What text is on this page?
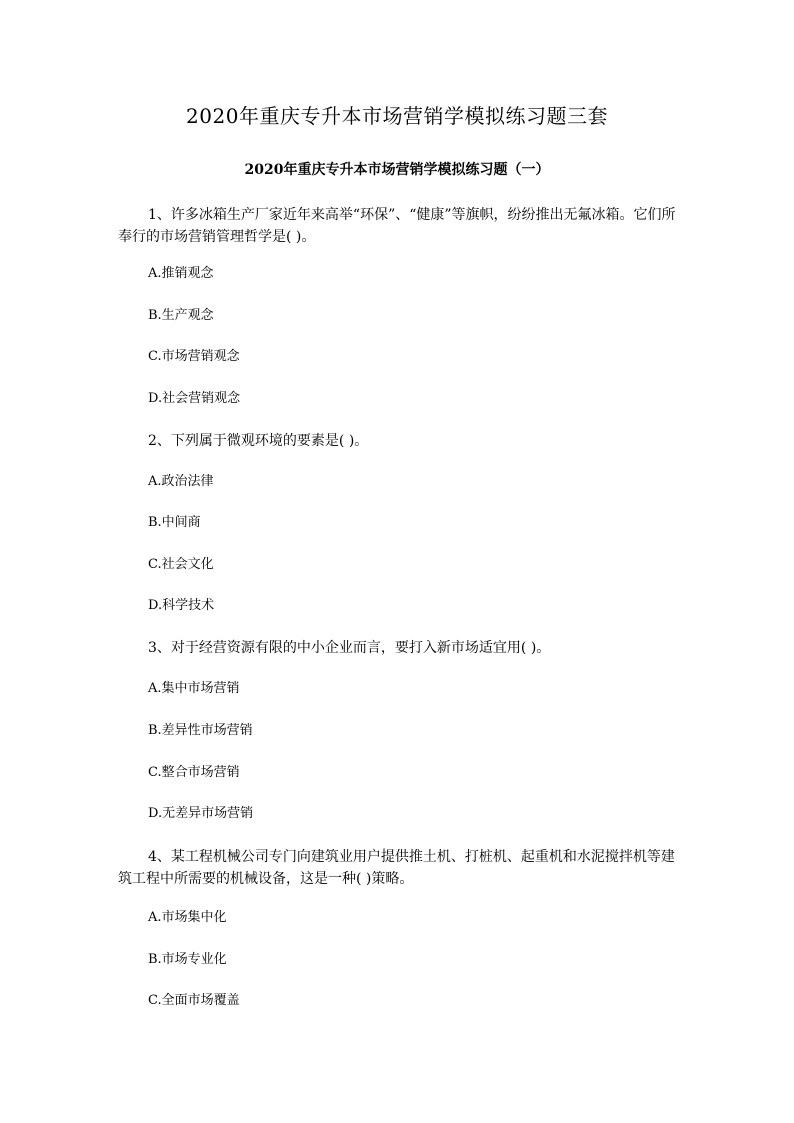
2020年重庆专升本市场营销学模拟练习题三套
2020年重庆专升本市场营销学模拟练习题（一）
1、许多冰箱生产厂家近年来高举“环保”、“健康”等旗帜，纷纷推出无氟冰箱。它们所奉行的市场营销管理哲学是( )。
A.推销观念
B.生产观念
C.市场营销观念
D.社会营销观念
2、下列属于微观环境的要素是( )。
A.政治法律
B.中间商
C.社会文化
D.科学技术
3、对于经营资源有限的中小企业而言，要打入新市场适宜用( )。
A.集中市场营销
B.差异性市场营销
C.整合市场营销
D.无差异市场营销
4、某工程机械公司专门向建筑业用户提供推土机、打桩机、起重机和水泥搅拌机等建筑工程中所需要的机械设备，这是一种( )策略。
A.市场集中化
B.市场专业化
C.全面市场覆盖
